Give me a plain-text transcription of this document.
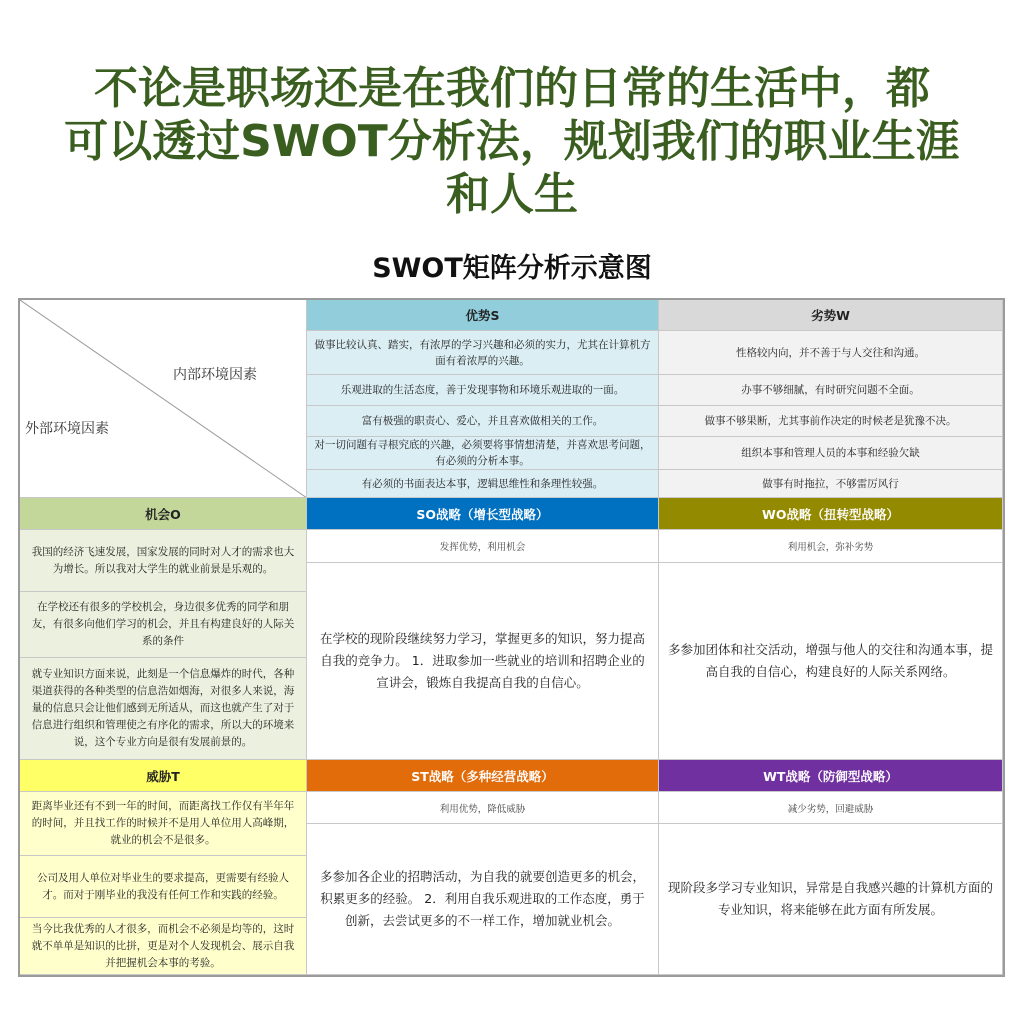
不论是职场还是在我们的日常的生活中，都
可以透过SWOT分析法，规划我们的职业生涯
和人生
SWOT矩阵分析示意图
内部环境因素
外部环境因素
优势S
做事比较认真、踏实，有浓厚的学习兴趣和必须的实力，尤其在计算机方面有着浓厚的兴趣。
乐观进取的生活态度，善于发现事物和环境乐观进取的一面。
富有极强的职责心、爱心，并且喜欢做相关的工作。
对一切问题有寻根究底的兴趣，必须要将事情想清楚，并喜欢思考问题，有必须的分析本事。
有必须的书面表达本事，逻辑思维性和条理性较强。
劣势W
性格较内向，并不善于与人交往和沟通。
办事不够细腻，有时研究问题不全面。
做事不够果断，尤其事前作决定的时候老是犹豫不决。
组织本事和管理人员的本事和经验欠缺
做事有时拖拉，不够雷厉风行
机会O
我国的经济飞速发展，国家发展的同时对人才的需求也大为增长。所以我对大学生的就业前景是乐观的。
在学校还有很多的学校机会，身边很多优秀的同学和朋友，有很多向他们学习的机会，并且有构建良好的人际关系的条件
就专业知识方面来说，此刻是一个信息爆炸的时代，各种渠道获得的各种类型的信息浩如烟海，对很多人来说，海量的信息只会让他们感到无所适从，而这也就产生了对于信息进行组织和管理使之有序化的需求，所以大的环境来说，这个专业方向是很有发展前景的。
SO战略（增长型战略）
发挥优势，利用机会
在学校的现阶段继续努力学习，掌握更多的知识，努力提高自我的竞争力。 1．进取参加一些就业的培训和招聘企业的宣讲会，锻炼自我提高自我的自信心。
WO战略（扭转型战略）
利用机会，弥补劣势
多参加团体和社交活动，增强与他人的交往和沟通本事，提高自我的自信心，构建良好的人际关系网络。
威胁T
距离毕业还有不到一年的时间，而距离找工作仅有半年年的时间，并且找工作的时候并不是用人单位用人高峰期，就业的机会不是很多。
公司及用人单位对毕业生的要求提高，更需要有经验人才。而对于刚毕业的我没有任何工作和实践的经验。
当今比我优秀的人才很多，而机会不必须是均等的，这时就不单单是知识的比拼，更是对个人发现机会、展示自我并把握机会本事的考验。
ST战略（多种经营战略）
利用优势，降低威胁
多参加各企业的招聘活动，为自我的就要创造更多的机会，积累更多的经验。 2．利用自我乐观进取的工作态度，勇于创新，去尝试更多的不一样工作，增加就业机会。
WT战略（防御型战略）
减少劣势，回避威胁
现阶段多学习专业知识，异常是自我感兴趣的计算机方面的专业知识，将来能够在此方面有所发展。
